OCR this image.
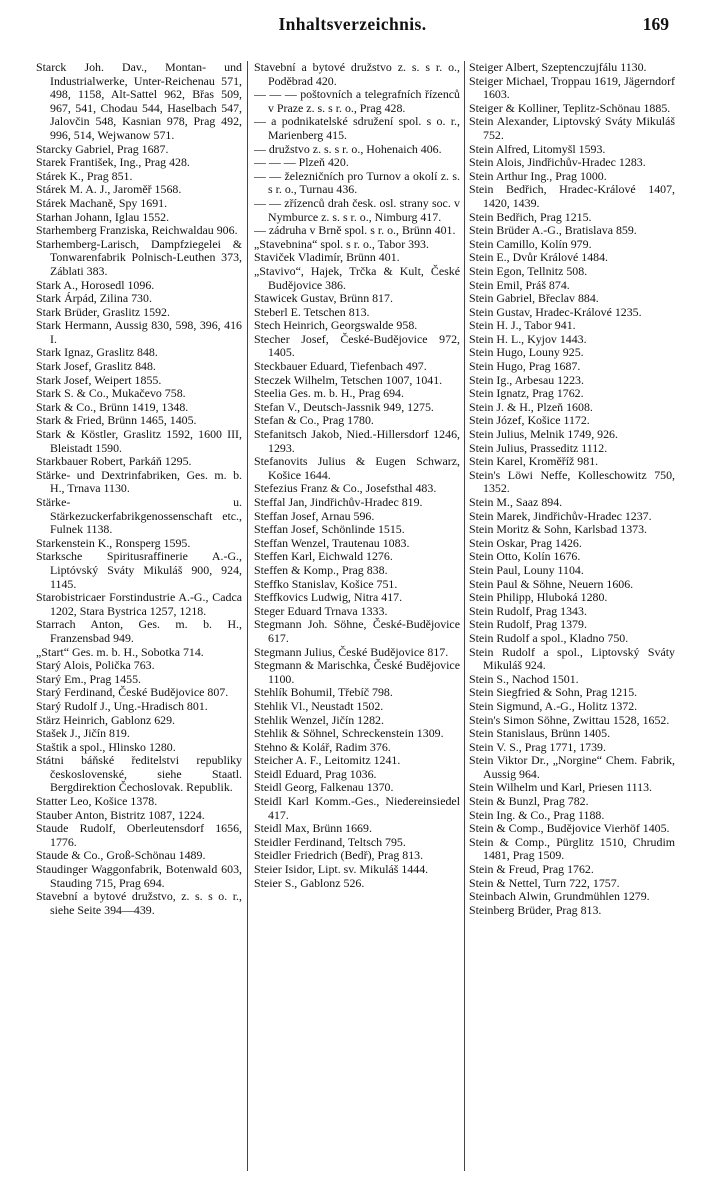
Inhaltsverzeichnis.	169
Starck Joh. Dav., Montan- und Industrialwerke, Unter-Reichenau 571, 498, 1158, Alt-Sattel 962, Břas 509, 967, 541, Chodau 544, Haselbach 547, Jalovčin 548, Kasnian 978, Prag 492, 996, 514, Wejwanow 571.
Starcky Gabriel, Prag 1687.
Starek František, Ing., Prag 428.
Stárek K., Prag 851.
Stárek M. A. J., Jaroměř 1568.
Stárek Machaně, Spy 1691.
Starhan Johann, Iglau 1552.
Starhemberg Franziska, Reichwaldau 906.
Starhemberg-Larisch, Dampfziegelei & Tonwarenfabrik Polnisch-Leuthen 373, Záblati 383.
Stark A., Horosedl 1096.
Stark Árpád, Zilina 730.
Stark Brüder, Graslitz 1592.
Stark Hermann, Aussig 830, 598, 396, 416 I.
Stark Ignaz, Graslitz 848.
Stark Josef, Graslitz 848.
Stark Josef, Weipert 1855.
Stark S. & Co., Mukačevo 758.
Stark & Co., Brünn 1419, 1348.
Stark & Fried, Brünn 1465, 1405.
Stark & Köstler, Graslitz 1592, 1600 III, Bleistadt 1590.
Starkbauer Robert, Parkáň 1295.
Stärke- und Dextrinfabriken, Ges. m. b. H., Trnava 1130.
Stärke- u. Stärkezuckerfabrikgenossenschaft etc., Fulnek 1138.
Starkenstein K., Ronsperg 1595.
Starksche Spiritusraffinerie A.-G., Liptóvský Sváty Mikuláš 900, 924, 1145.
Starobistricaer Forstindustrie A.-G., Cadca 1202, Stara Bystrica 1257, 1218.
Starrach Anton, Ges. m. b. H., Franzensbad 949.
„Start“ Ges. m. b. H., Sobotka 714.
Starý Alois, Polička 763.
Starý Em., Prag 1455.
Starý Ferdinand, České Budějovice 807.
Starý Rudolf J., Ung.-Hradisch 801.
Stärz Heinrich, Gablonz 629.
Stašek J., Jičín 819.
Staštik a spol., Hlinsko 1280.
Státni báňské ředitelstvi republiky československé, siehe Staatl. Bergdirektion Čechoslovak. Republik.
Statter Leo, Košice 1378.
Stauber Anton, Bistritz 1087, 1224.
Staude Rudolf, Oberleutensdorf 1656, 1776.
Staude & Co., Groß-Schönau 1489.
Staudinger Waggonfabrik, Botenwald 603, Stauding 715, Prag 694.
Stavební a bytové družstvo, z. s. s o. r., siehe Seite 394—439.
Stavební a bytové družstvo z. s. s r. o., Poděbrad 420.
— — — poštovních a telegrafních řízenců v Praze z. s. s r. o., Prag 428.
— a podnikatelské sdružení spol. s o. r., Marienberg 415.
— družstvo z. s. s r. o., Hohenaich 406.
— — — Plzeň 420.
— — železničních pro Turnov a okolí z. s. s r. o., Turnau 436.
— — zřízenců drah česk. osl. strany soc. v Nymburce z. s. s r. o., Nimburg 417.
— zádruha v Brně spol. s r. o., Brünn 401.
„Stavebnina“ spol. s r. o., Tabor 393.
Staviček Vladimír, Brünn 401.
„Stavivo“, Hajek, Trčka & Kult, České Budějovice 386.
Stawicek Gustav, Brünn 817.
Steberl E. Tetschen 813.
Stech Heinrich, Georgswalde 958.
Stecher Josef, České-Budějovice 972, 1405.
Steckbauer Eduard, Tiefenbach 497.
Steczek Wilhelm, Tetschen 1007, 1041.
Steelia Ges. m. b. H., Prag 694.
Stefan V., Deutsch-Jassnik 949, 1275.
Stefan & Co., Prag 1780.
Stefanitsch Jakob, Nied.-Hillersdorf 1246, 1293.
Stefanovits Julius & Eugen Schwarz, Košice 1644.
Stefezius Franz & Co., Josefsthal 483.
Steffal Jan, Jindřichův-Hradec 819.
Steffan Josef, Arnau 596.
Steffan Josef, Schönlinde 1515.
Steffan Wenzel, Trautenau 1083.
Steffen Karl, Eichwald 1276.
Steffen & Komp., Prag 838.
Steffko Stanislav, Košice 751.
Steffkovics Ludwig, Nitra 417.
Steger Eduard Trnava 1333.
Stegmann Joh. Söhne, České-Budějovice 617.
Stegmann Julius, České Budějovice 817.
Stegmann & Marischka, České Budějovice 1100.
Stehlík Bohumil, Třebíč 798.
Stehlik Vl., Neustadt 1502.
Stehlik Wenzel, Jičín 1282.
Stehlik & Söhnel, Schreckenstein 1309.
Stehno & Kolář, Radim 376.
Steicher A. F., Leitomitz 1241.
Steidl Eduard, Prag 1036.
Steidl Georg, Falkenau 1370.
Steidl Karl Komm.-Ges., Niedereinsiedel 417.
Steidl Max, Brünn 1669.
Steidler Ferdinand, Teltsch 795.
Steidler Friedrich (Bedř), Prag 813.
Steier Isidor, Lipt. sv. Mikuláš 1444.
Steier S., Gablonz 526.
Steiger Albert, Szeptenczujfálu 1130.
Steiger Michael, Troppau 1619, Jägerndorf 1603.
Steiger & Kolliner, Teplitz-Schönau 1885.
Stein Alexander, Liptovský Sváty Mikuláš 752.
Stein Alfred, Litomyšl 1593.
Stein Alois, Jindřichův-Hradec 1283.
Stein Arthur Ing., Prag 1000.
Stein Bedřich, Hradec-Králové 1407, 1420, 1439.
Stein Bedřich, Prag 1215.
Stein Brüder A.-G., Bratislava 859.
Stein Camillo, Kolín 979.
Stein E., Dvůr Králové 1484.
Stein Egon, Tellnitz 508.
Stein Emil, Práš 874.
Stein Gabriel, Břeclav 884.
Stein Gustav, Hradec-Králové 1235.
Stein H. J., Tabor 941.
Stein H. L., Kyjov 1443.
Stein Hugo, Louny 925.
Stein Hugo, Prag 1687.
Stein Ig., Arbesau 1223.
Stein Ignatz, Prag 1762.
Stein J. & H., Plzeň 1608.
Stein Józef, Košice 1172.
Stein Julius, Melnik 1749, 926.
Stein Julius, Prasseditz 1112.
Stein Karel, Kroměříž 981.
Stein's Löwi Neffe, Kolleschowitz 750, 1352.
Stein M., Saaz 894.
Stein Marek, Jindřichův-Hradec 1237.
Stein Moritz & Sohn, Karlsbad 1373.
Stein Oskar, Prag 1426.
Stein Otto, Kolín 1676.
Stein Paul, Louny 1104.
Stein Paul & Söhne, Neuern 1606.
Stein Philipp, Hluboká 1280.
Stein Rudolf, Prag 1343.
Stein Rudolf, Prag 1379.
Stein Rudolf a spol., Kladno 750.
Stein Rudolf a spol., Liptovský Sváty Mikuláš 924.
Stein S., Nachod 1501.
Stein Siegfried & Sohn, Prag 1215.
Stein Sigmund, A.-G., Holitz 1372.
Stein's Simon Söhne, Zwittau 1528, 1652.
Stein Stanislaus, Brünn 1405.
Stein V. S., Prag 1771, 1739.
Stein Viktor Dr., „Norgine“ Chem. Fabrik, Aussig 964.
Stein Wilhelm und Karl, Priesen 1113.
Stein & Bunzl, Prag 782.
Stein Ing. & Co., Prag 1188.
Stein & Comp., Budějovice Vierhöf 1405.
Stein & Comp., Pürglitz 1510, Chrudim 1481, Prag 1509.
Stein & Freud, Prag 1762.
Stein & Nettel, Turn 722, 1757.
Steinbach Alwin, Grundmühlen 1279.
Steinberg Brüder, Prag 813.
